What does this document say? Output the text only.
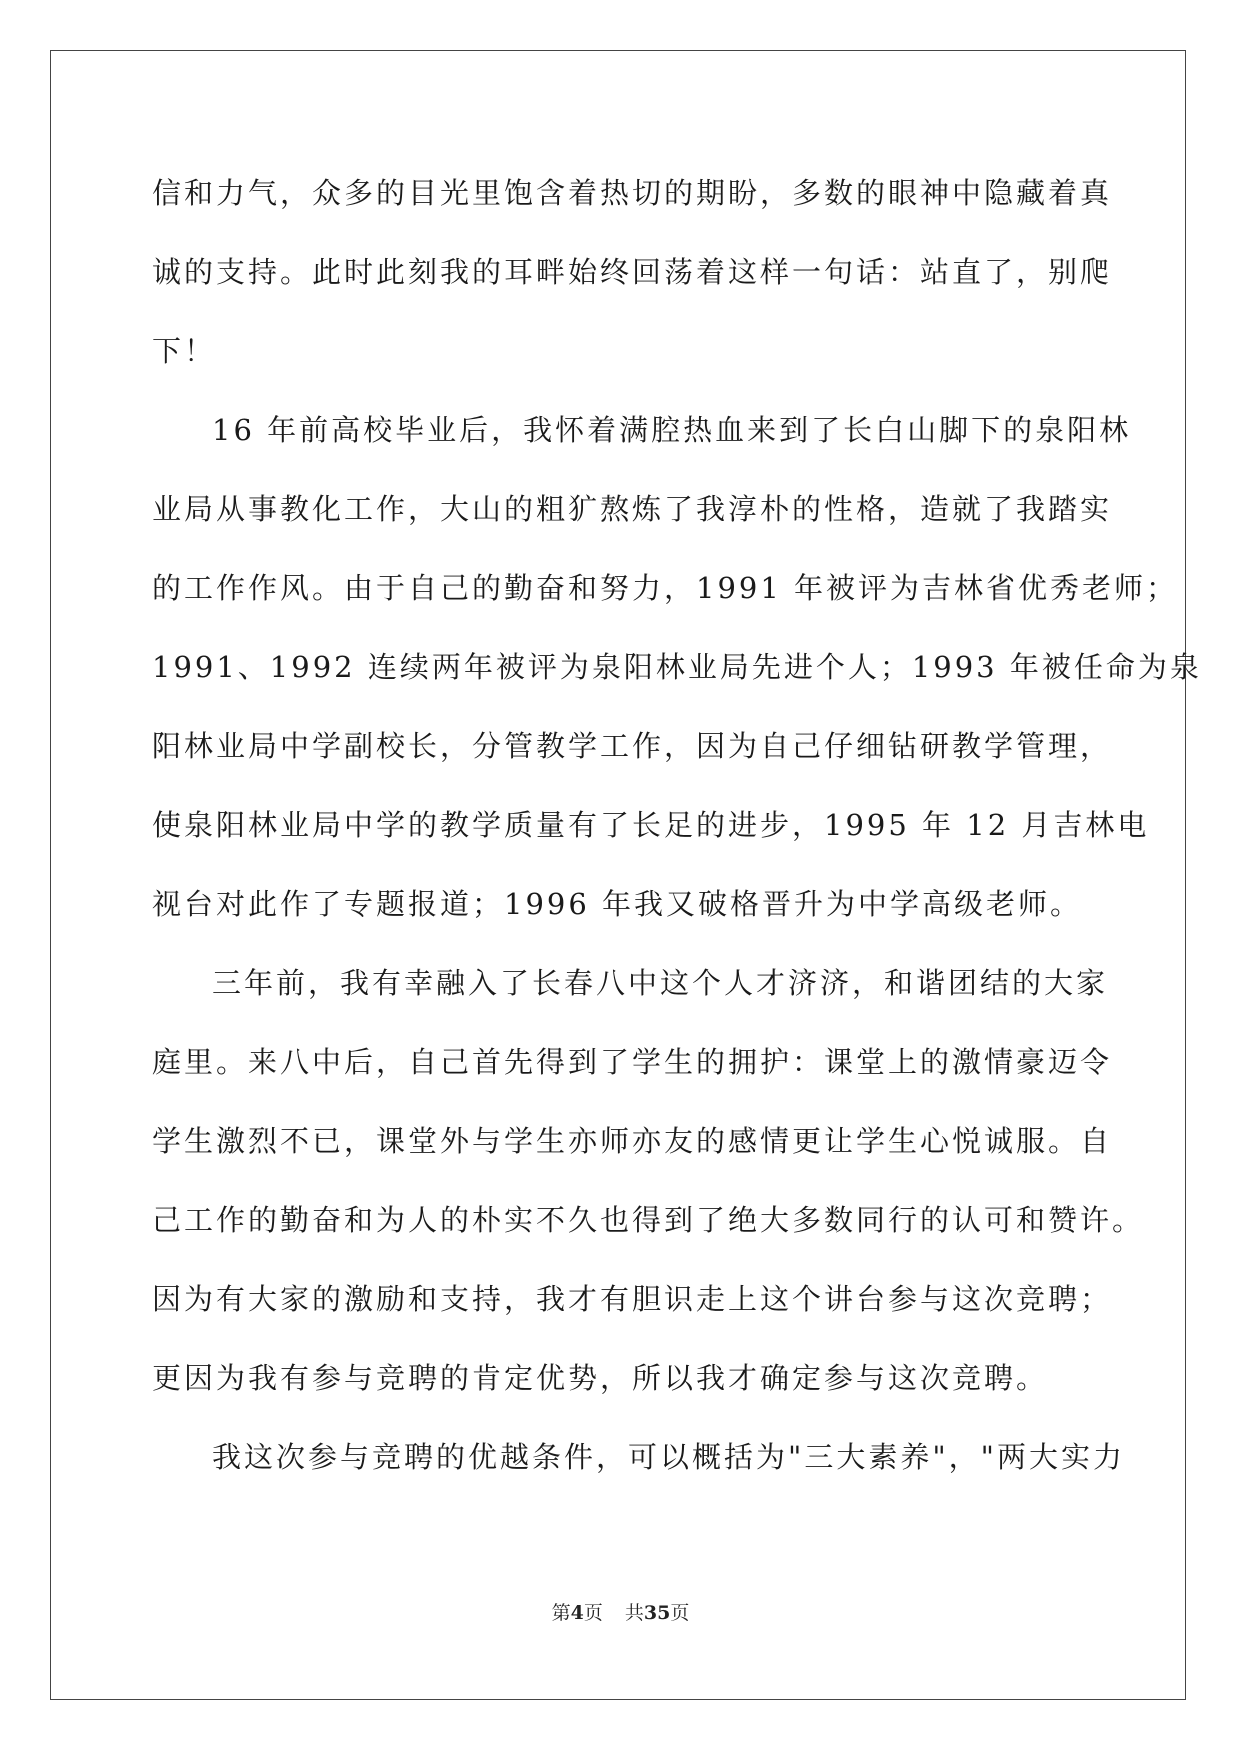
信和力气，众多的目光里饱含着热切的期盼，多数的眼神中隐藏着真
诚的支持。此时此刻我的耳畔始终回荡着这样一句话：站直了，别爬
下！
16 年前高校毕业后，我怀着满腔热血来到了长白山脚下的泉阳林
业局从事教化工作，大山的粗犷熬炼了我淳朴的性格，造就了我踏实
的工作作风。由于自己的勤奋和努力，1991 年被评为吉林省优秀老师；
1991、1992 连续两年被评为泉阳林业局先进个人；1993 年被任命为泉
阳林业局中学副校长，分管教学工作，因为自己仔细钻研教学管理，
使泉阳林业局中学的教学质量有了长足的进步，1995 年 12 月吉林电
视台对此作了专题报道；1996 年我又破格晋升为中学高级老师。
三年前，我有幸融入了长春八中这个人才济济，和谐团结的大家
庭里。来八中后，自己首先得到了学生的拥护：课堂上的激情豪迈令
学生激烈不已，课堂外与学生亦师亦友的感情更让学生心悦诚服。自
己工作的勤奋和为人的朴实不久也得到了绝大多数同行的认可和赞许。
因为有大家的激励和支持，我才有胆识走上这个讲台参与这次竞聘；
更因为我有参与竞聘的肯定优势，所以我才确定参与这次竞聘。
我这次参与竞聘的优越条件，可以概括为"三大素养"，"两大实力
第4页 共35页
